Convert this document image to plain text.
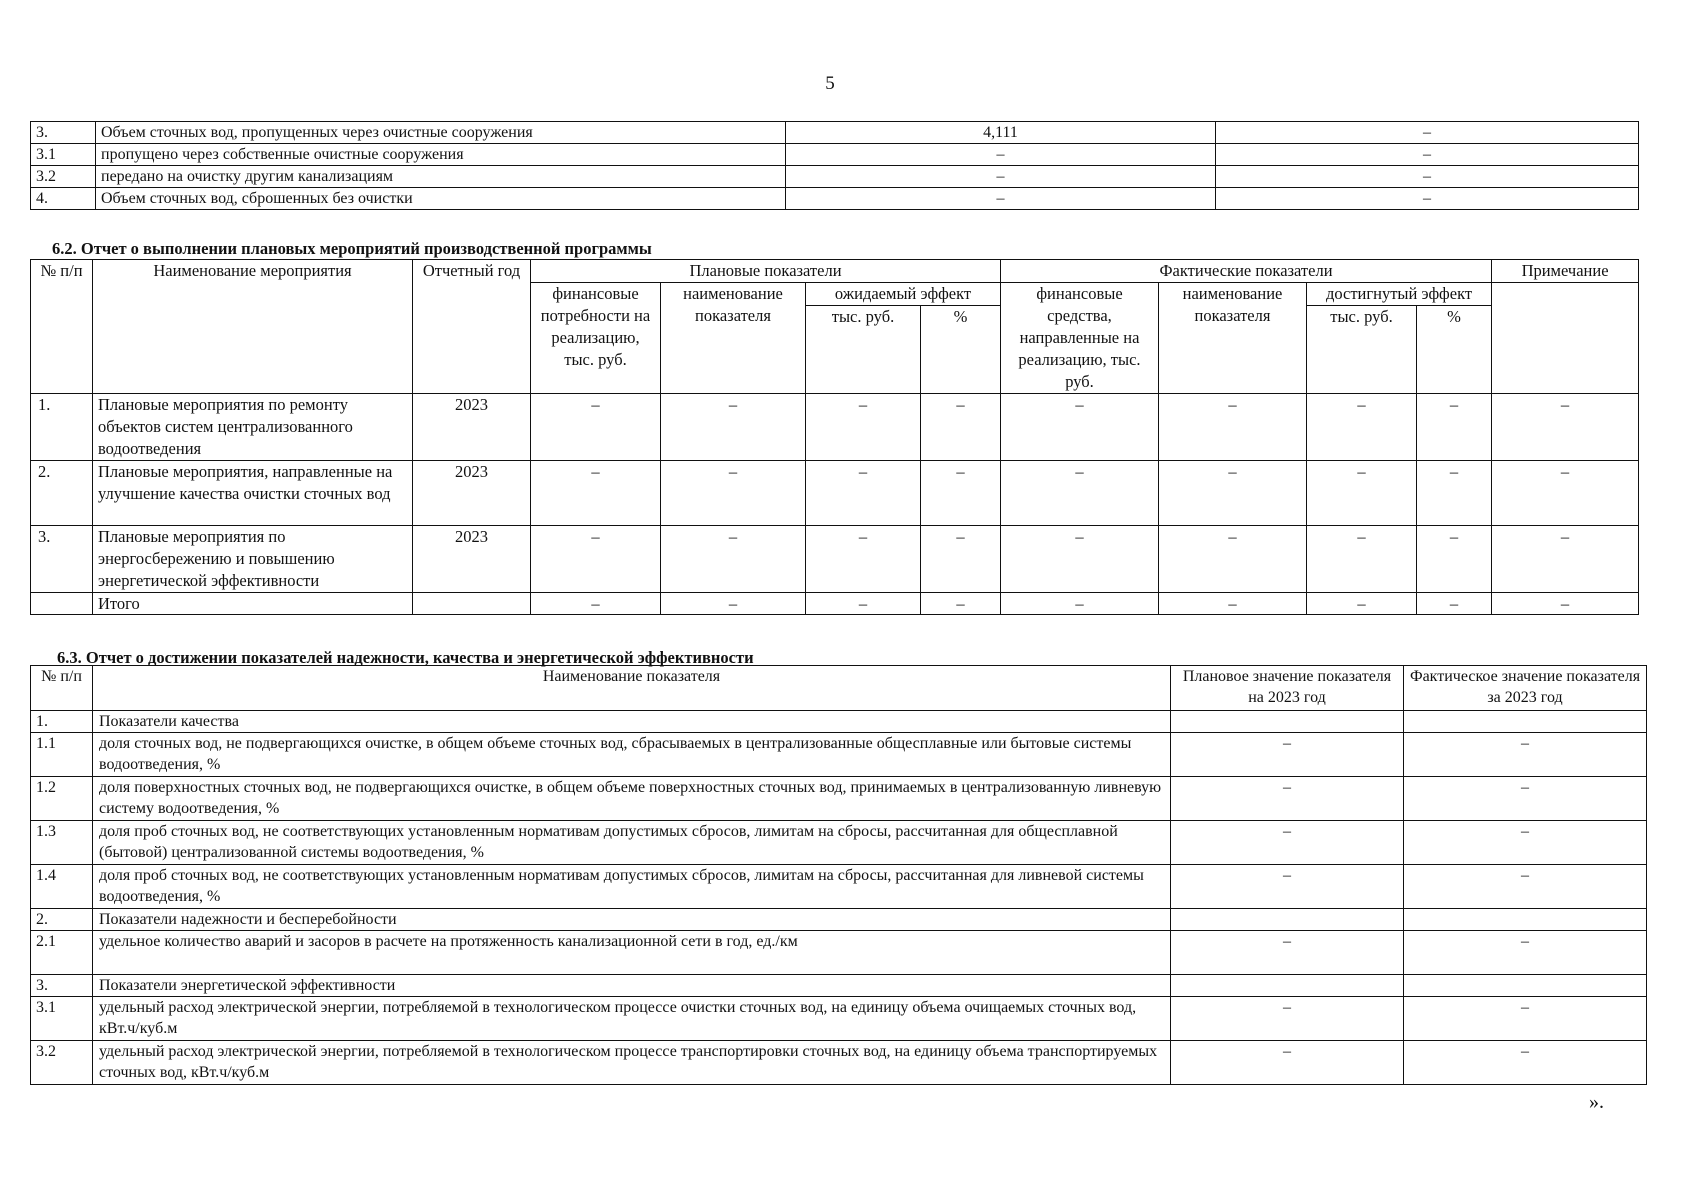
5
3.	Объем сточных вод, пропущенных через очистные сооружения	4,111	–
3.1	пропущено через собственные очистные сооружения	–	–
3.2	передано на очистку другим канализациям	–	–
4.	Объем сточных вод, сброшенных без очистки	–	–
6.2. Отчет о выполнении плановых мероприятий производственной программы
№ п/п	Наименование мероприятия	Отчетный год	Плановые показатели				Фактические показатели				Примечание
			финансовые потребности на реализацию, тыс. руб.	наименование показателя	ожидаемый эффект		финансовые средства, направленные на реализацию, тыс. руб.	наименование показателя	достигнутый эффект		
					тыс. руб.	%			тыс. руб.	%	
1.	Плановые мероприятия по ремонту объектов систем централизованного водоотведения	2023	–	–	–	–	–	–	–	–	–
2.	Плановые мероприятия, направленные на улучшение качества очистки сточных вод	2023	–	–	–	–	–	–	–	–	–
3.	Плановые мероприятия по энергосбережению и повышению энергетической эффективности	2023	–	–	–	–	–	–	–	–	–
	Итого		–	–	–	–	–	–	–	–	–
6.3. Отчет о достижении показателей надежности, качества и энергетической эффективности
№ п/п	Наименование показателя	Плановое значение показателя на 2023 год	Фактическое значение показателя за 2023 год
1.	Показатели качества		
1.1	доля сточных вод, не подвергающихся очистке, в общем объеме сточных вод, сбрасываемых в централизованные общесплавные или бытовые системы водоотведения, %	–	–
1.2	доля поверхностных сточных вод, не подвергающихся очистке, в общем объеме поверхностных сточных вод, принимаемых в централизованную ливневую систему водоотведения, %	–	–
1.3	доля проб сточных вод, не соответствующих установленным нормативам допустимых сбросов, лимитам на сбросы, рассчитанная для общесплавной (бытовой) централизованной системы водоотведения, %	–	–
1.4	доля проб сточных вод, не соответствующих установленным нормативам допустимых сбросов, лимитам на сбросы, рассчитанная для ливневой системы водоотведения, %	–	–
2.	Показатели надежности и бесперебойности		
2.1	удельное количество аварий и засоров в расчете на протяженность канализационной сети в год, ед./км	–	–
3.	Показатели энергетической эффективности		
3.1	удельный расход электрической энергии, потребляемой в технологическом процессе очистки сточных вод, на единицу объема очищаемых сточных вод, кВт.ч/куб.м	–	–
3.2	удельный расход электрической энергии, потребляемой в технологическом процессе транспортировки сточных вод, на единицу объема транспортируемых сточных вод, кВт.ч/куб.м	–	–
».
